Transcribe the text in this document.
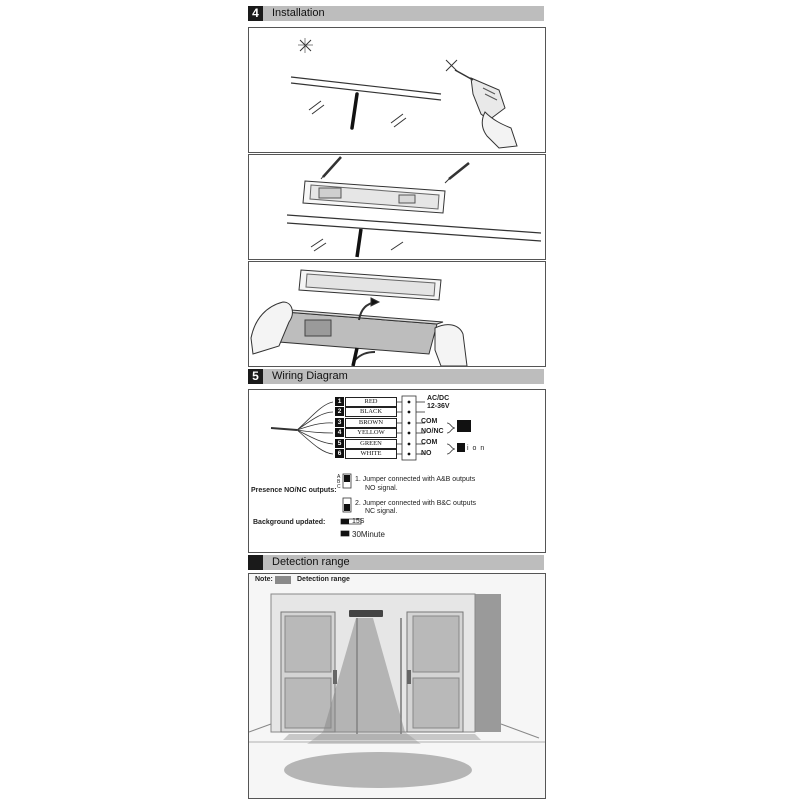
4	Installation
5	Wiring Diagram
1	RED
2	BLACK
3	BROWN
4	YELLOW
5	GREEN
6	WHITE
AC/DC
12-36V
COM
NO/NC
COM
NO
i o n
Presence NO/NC outputs:
A
B
C
1. Jumper connected with A&B outputs
NO signal.
2. Jumper connected with B&C outputs
NC signal.
Background updated:	15S
30Minute
Detection range
Note:	Detection range
